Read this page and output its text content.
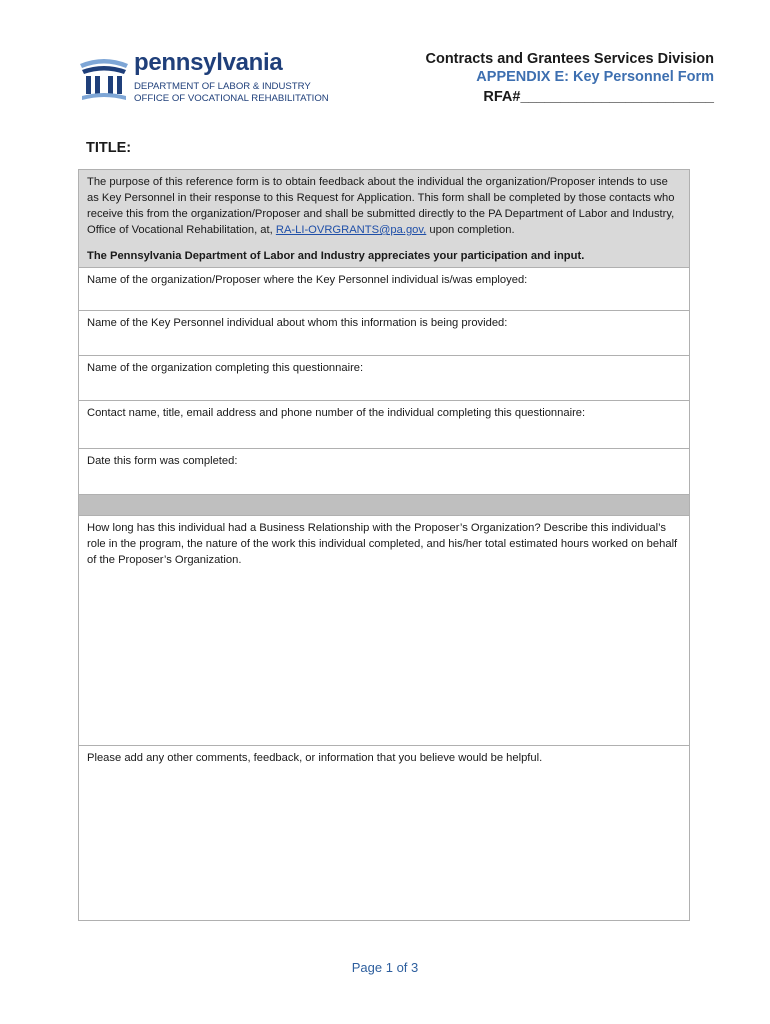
pennsylvania
DEPARTMENT OF LABOR & INDUSTRY
OFFICE OF VOCATIONAL REHABILITATION
Contracts and Grantees Services Division
APPENDIX E: Key Personnel Form
RFA#________________________
TITLE:
The purpose of this reference form is to obtain feedback about the individual the organization/Proposer intends to use as Key Personnel in their response to this Request for Application. This form shall be completed by those contacts who receive this from the organization/Proposer and shall be submitted directly to the PA Department of Labor and Industry, Office of Vocational Rehabilitation, at, RA-LI-OVRGRANTS@pa.gov, upon completion.
The Pennsylvania Department of Labor and Industry appreciates your participation and input.
Name of the organization/Proposer where the Key Personnel individual is/was employed:
Name of the Key Personnel individual about whom this information is being provided:
Name of the organization completing this questionnaire:
Contact name, title, email address and phone number of the individual completing this questionnaire:
Date this form was completed:
How long has this individual had a Business Relationship with the Proposer’s Organization? Describe this individual’s role in the program, the nature of the work this individual completed, and his/her total estimated hours worked on behalf of the Proposer’s Organization.
Please add any other comments, feedback, or information that you believe would be helpful.
Page 1 of 3
